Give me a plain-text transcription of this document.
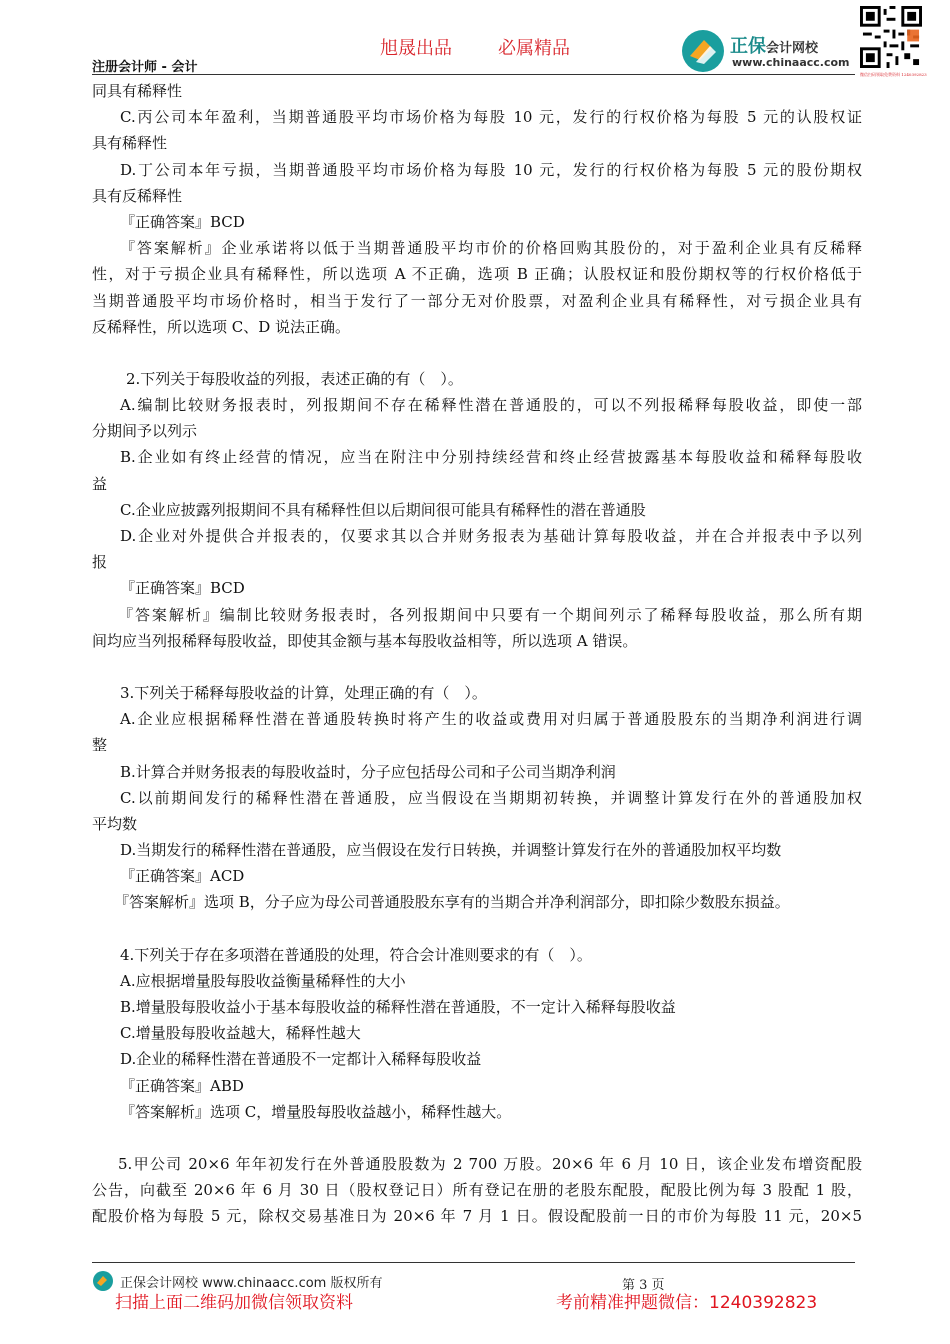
旭晟出品	必属精品
注册会计师 - 会计
正保会计网校
www.chinaacc.com
微信扫码领取免费资料 1240392823
同具有稀释性
C.丙公司本年盈利，当期普通股平均市场价格为每股 10 元，发行的行权价格为每股 5 元的认股权证
具有稀释性
D.丁公司本年亏损，当期普通股平均市场价格为每股 10 元，发行的行权价格为每股 5 元的股份期权
具有反稀释性
『正确答案』BCD
『答案解析』企业承诺将以低于当期普通股平均市价的价格回购其股份的，对于盈利企业具有反稀释
性，对于亏损企业具有稀释性，所以选项 A 不正确，选项 B 正确；认股权证和股份期权等的行权价格低于
当期普通股平均市场价格时，相当于发行了一部分无对价股票，对盈利企业具有稀释性，对亏损企业具有
反稀释性，所以选项 C、D 说法正确。
2.下列关于每股收益的列报，表述正确的有（　）。
A.编制比较财务报表时，列报期间不存在稀释性潜在普通股的，可以不列报稀释每股收益，即使一部
分期间予以列示
B.企业如有终止经营的情况，应当在附注中分别持续经营和终止经营披露基本每股收益和稀释每股收
益
C.企业应披露列报期间不具有稀释性但以后期间很可能具有稀释性的潜在普通股
D.企业对外提供合并报表的，仅要求其以合并财务报表为基础计算每股收益，并在合并报表中予以列
报
『正确答案』BCD
『答案解析』编制比较财务报表时，各列报期间中只要有一个期间列示了稀释每股收益，那么所有期
间均应当列报稀释每股收益，即使其金额与基本每股收益相等，所以选项 A 错误。
3.下列关于稀释每股收益的计算，处理正确的有（　）。
A.企业应根据稀释性潜在普通股转换时将产生的收益或费用对归属于普通股股东的当期净利润进行调
整
B.计算合并财务报表的每股收益时，分子应包括母公司和子公司当期净利润
C.以前期间发行的稀释性潜在普通股，应当假设在当期期初转换，并调整计算发行在外的普通股加权
平均数
D.当期发行的稀释性潜在普通股，应当假设在发行日转换，并调整计算发行在外的普通股加权平均数
『正确答案』ACD
『答案解析』选项 B，分子应为母公司普通股股东享有的当期合并净利润部分，即扣除少数股东损益。
4.下列关于存在多项潜在普通股的处理，符合会计准则要求的有（　）。
A.应根据增量股每股收益衡量稀释性的大小
B.增量股每股收益小于基本每股收益的稀释性潜在普通股，不一定计入稀释每股收益
C.增量股每股收益越大，稀释性越大
D.企业的稀释性潜在普通股不一定都计入稀释每股收益
『正确答案』ABD
『答案解析』选项 C，增量股每股收益越小，稀释性越大。
5.甲公司 20×6 年年初发行在外普通股股数为 2 700 万股。20×6 年 6 月 10 日，该企业发布增资配股
公告，向截至 20×6 年 6 月 30 日（股权登记日）所有登记在册的老股东配股，配股比例为每 3 股配 1 股，
配股价格为每股 5 元，除权交易基准日为 20×6 年 7 月 1 日。假设配股前一日的市价为每股 11 元，20×5
正保会计网校 www.chinaacc.com 版权所有	第 3 页
扫描上面二维码加微信领取资料	考前精准押题微信：1240392823
